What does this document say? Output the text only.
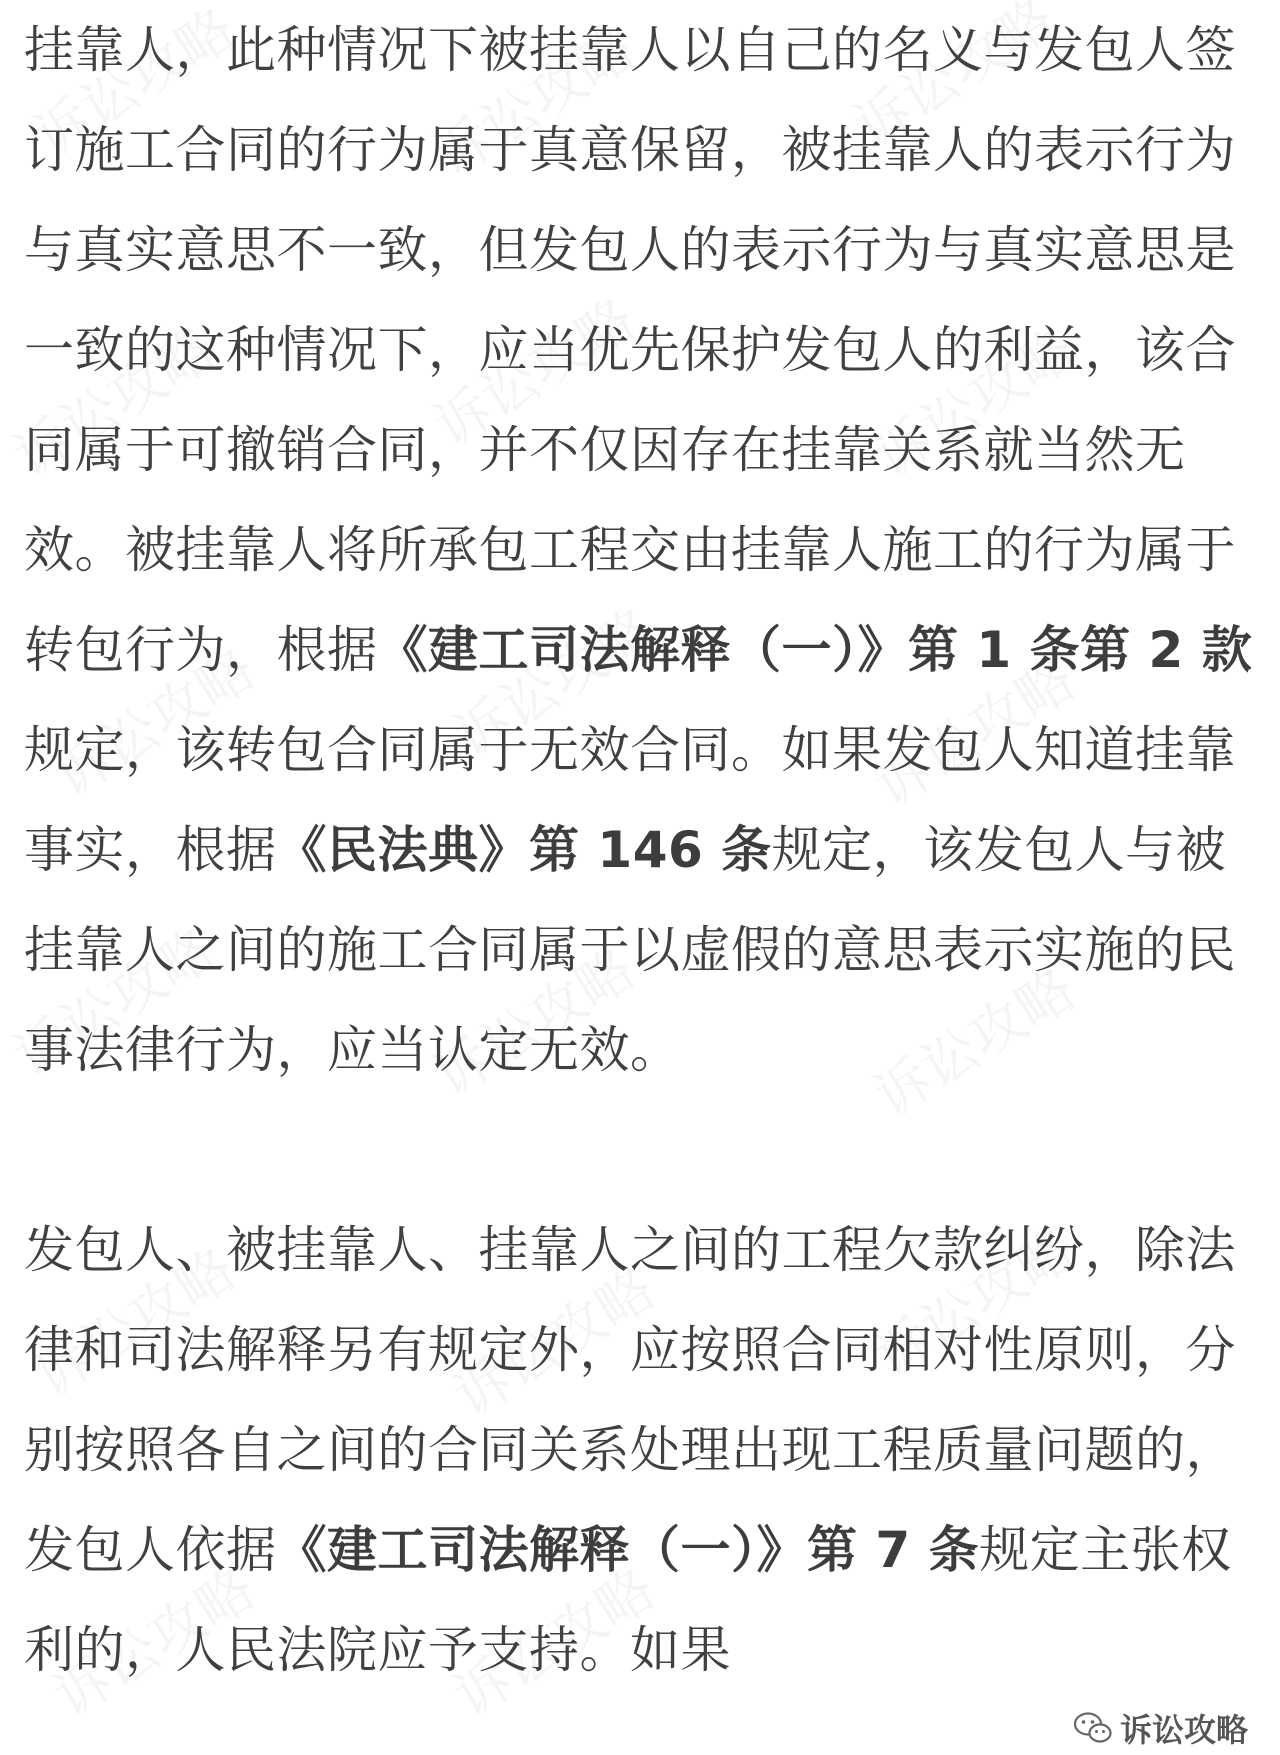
挂靠人，此种情况下被挂靠人以自己的名义与发包人签订施工合同的行为属于真意保留，被挂靠人的表示行为与真实意思不一致，但发包人的表示行为与真实意思是一致的这种情况下，应当优先保护发包人的利益，该合同属于可撤销合同，并不仅因存在挂靠关系就当然无效。被挂靠人将所承包工程交由挂靠人施工的行为属于转包行为，根据《建工司法解释（一）》第 1 条第 2 款规定，该转包合同属于无效合同。如果发包人知道挂靠事实，根据《民法典》第 146 条规定，该发包人与被挂靠人之间的施工合同属于以虚假的意思表示实施的民事法律行为，应当认定无效。

发包人、被挂靠人、挂靠人之间的工程欠款纠纷，除法律和司法解释另有规定外，应按照合同相对性原则，分别按照各自之间的合同关系处理出现工程质量问题的，发包人依据《建工司法解释（一）》第 7 条规定主张权利的，人民法院应予支持。如果

诉讼攻略
